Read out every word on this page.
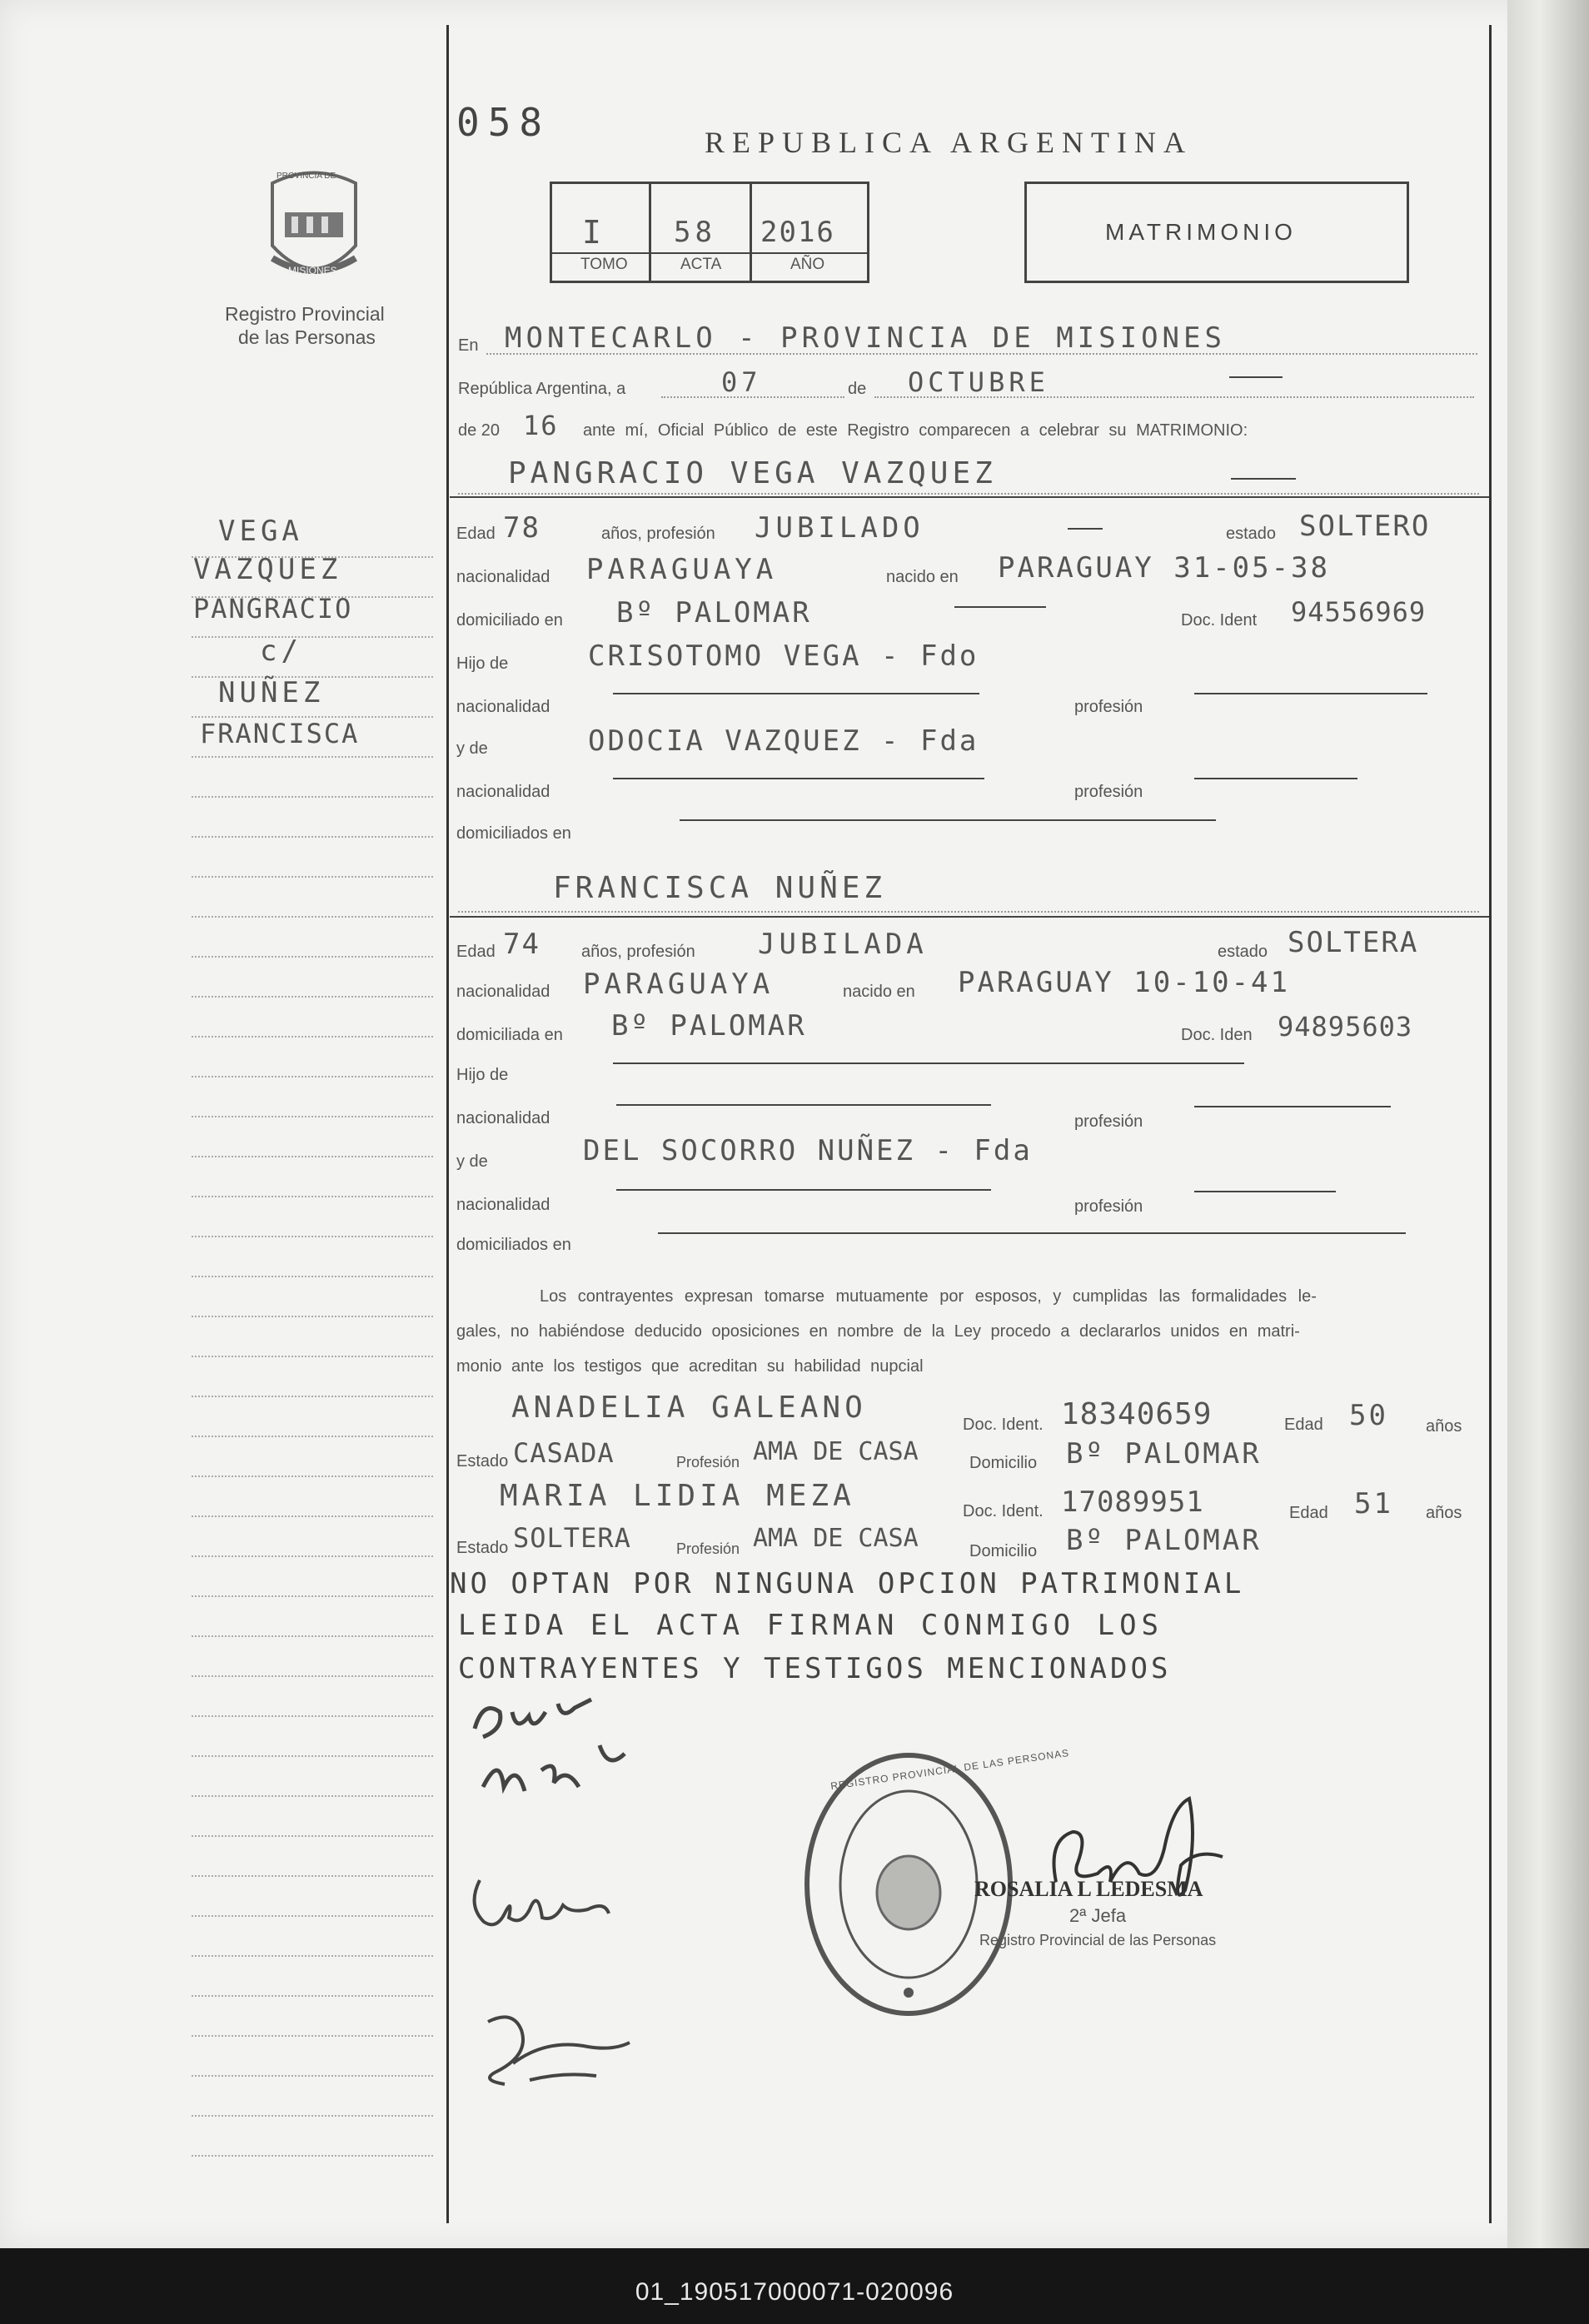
PROVINCIA DE
MISIONES
Registro Provincial
de las Personas
VEGA
VAZQUEZ
PANGRACIO
c/
NUÑEZ
FRANCISCA
058	REPUBLICA ARGENTINA
I 58 2016
TOMO	ACTA	AÑO
MATRIMONIO
En MONTECARLO - PROVINCIA DE MISIONES
República Argentina, a	07	de OCTUBRE
de 20 16 ante mí, Oficial Público de este Registro comparecen a celebrar su MATRIMONIO:
PANGRACIO VEGA VAZQUEZ
Edad 78	años, profesión JUBILADO	estado SOLTERO
nacionalidad PARAGUAYA	nacido en PARAGUAY 31-05-38
domiciliado en Bº PALOMAR	Doc. Ident 94556969
Hijo de	CRISOTOMO VEGA - Fdo
nacionalidad	profesión
y de	ODOCIA VAZQUEZ - Fda
nacionalidad	profesión
domiciliados en
FRANCISCA NUÑEZ
Edad 74 años, profesión JUBILADA	estado SOLTERA
nacionalidad PARAGUAYA	nacido en PARAGUAY 10-10-41
domiciliada en Bº PALOMAR	Doc. Iden 94895603
Hijo de
nacionalidad	profesión
y de	DEL SOCORRO NUÑEZ - Fda
nacionalidad	profesión
domiciliados en
Los contrayentes expresan tomarse mutuamente por esposos, y cumplidas las formalidades le-
gales, no habiéndose deducido oposiciones en nombre de la Ley procedo a declararlos unidos en matri-
monio ante los testigos que acreditan su habilidad nupcial
ANADELIA GALEANO	Doc. Ident. 18340659	Edad 50 años
Estado CASADA	Profesión AMA DE CASA	Domicilio Bº PALOMAR
MARIA LIDIA MEZA	Doc. Ident. 17089951	Edad 51 años
Estado SOLTERA	Profesión AMA DE CASA	Domicilio Bº PALOMAR
NO OPTAN POR NINGUNA OPCION PATRIMONIAL
LEIDA EL ACTA FIRMAN CONMIGO LOS
CONTRAYENTES Y TESTIGOS MENCIONADOS
REGISTRO PROVINCIAL DE LAS PERSONAS
ROSALIA L LEDESMA
2ª Jefa
Registro Provincial de las Personas
01_190517000071-020096
